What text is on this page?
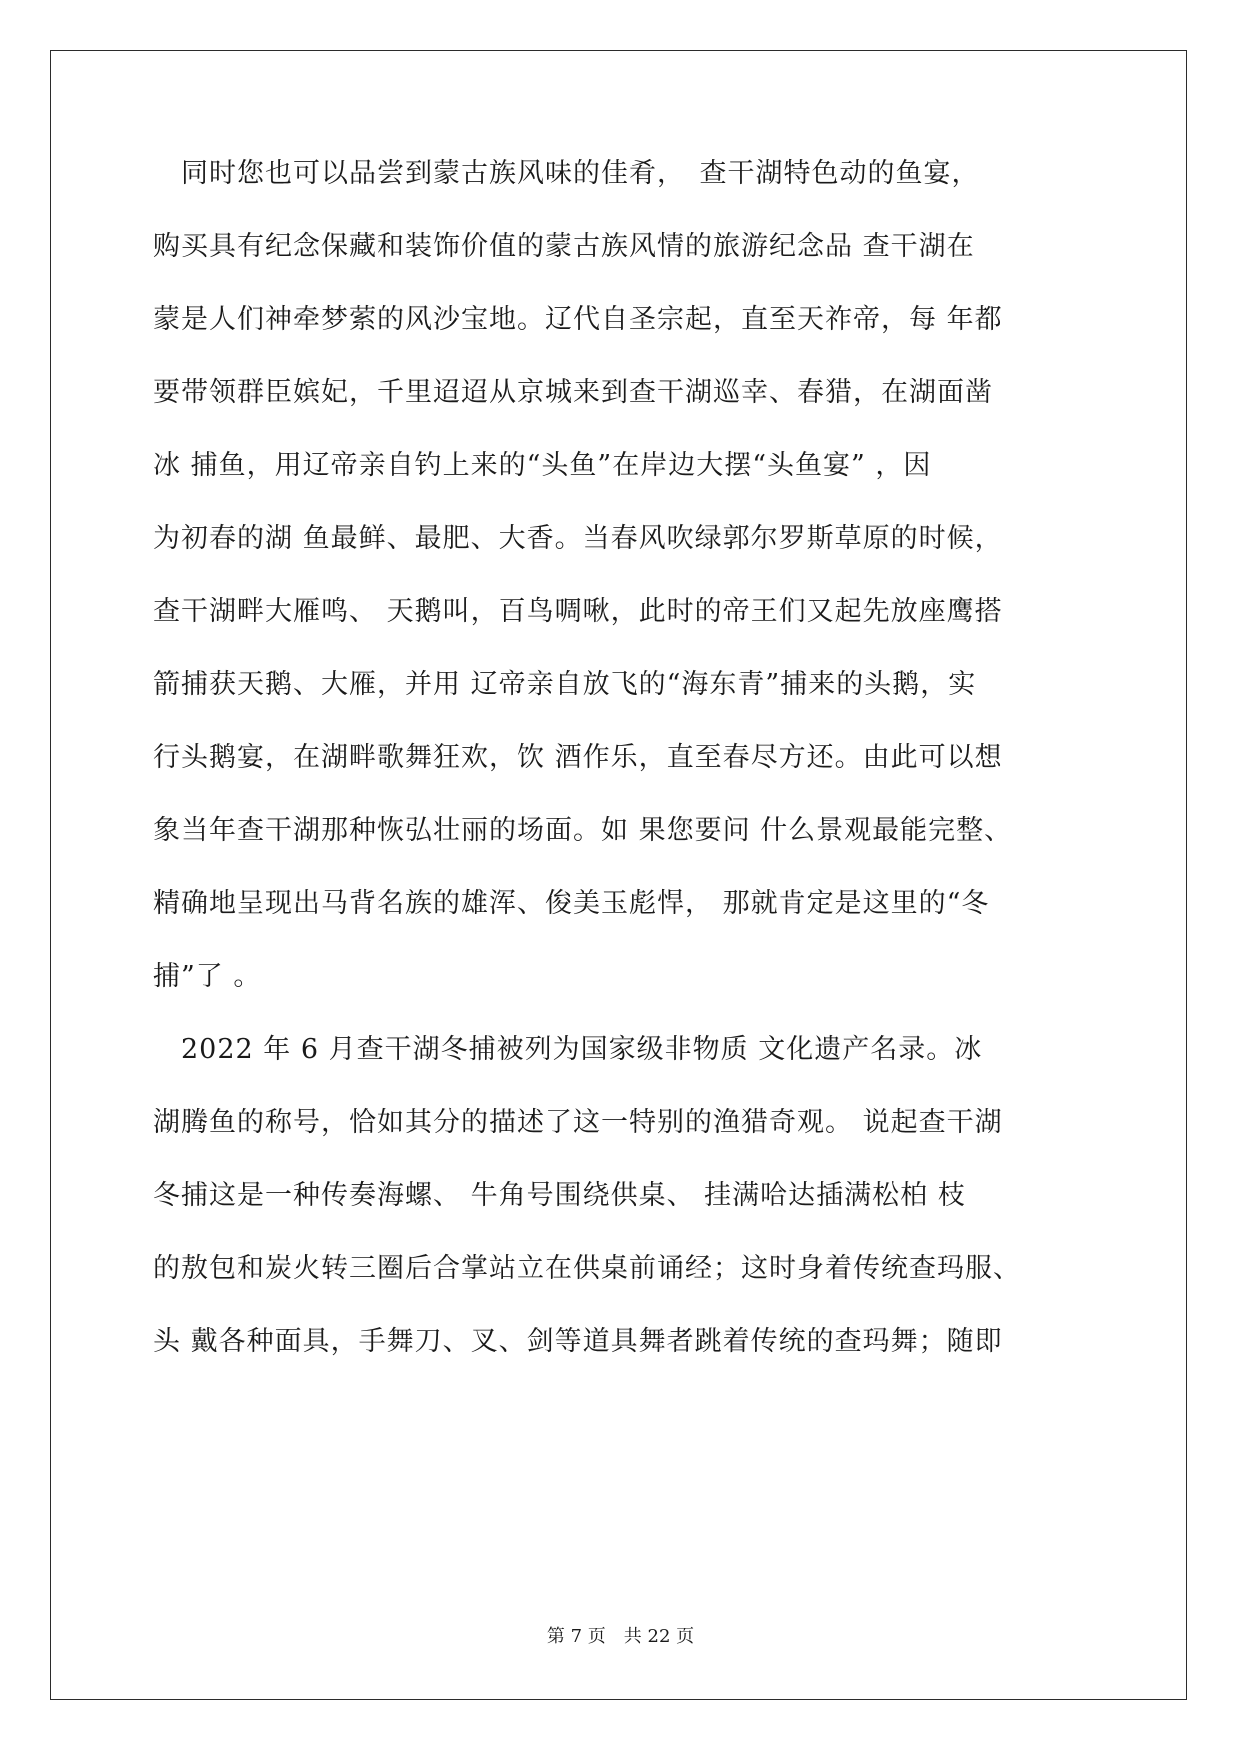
　同时您也可以品尝到蒙古族风味的佳肴，　查干湖特色动的鱼宴，
购买具有纪念保藏和装饰价值的蒙古族风情的旅游纪念品 查干湖在
蒙是人们神牵梦萦的风沙宝地。辽代自圣宗起，直至天祚帝，每 年都
要带领群臣嫔妃，千里迢迢从京城来到查干湖巡幸、春猎，在湖面凿
冰 捕鱼，用辽帝亲自钓上来的“头鱼”在岸边大摆“头鱼宴” ，因
为初春的湖 鱼最鲜、最肥、大香。当春风吹绿郭尔罗斯草原的时候，
查干湖畔大雁鸣、 天鹅叫，百鸟啁啾，此时的帝王们又起先放座鹰搭
箭捕获天鹅、大雁，并用 辽帝亲自放飞的“海东青”捕来的头鹅，实
行头鹅宴，在湖畔歌舞狂欢，饮 酒作乐，直至春尽方还。由此可以想
象当年查干湖那种恢弘壮丽的场面。如 果您要问 什么景观最能完整、
精确地呈现出马背名族的雄浑、俊美玉彪悍， 那就肯定是这里的“冬
捕”了 。
　2022 年 6 月查干湖冬捕被列为国家级非物质 文化遗产名录。冰
湖腾鱼的称号，恰如其分的描述了这一特别的渔猎奇观。 说起查干湖
冬捕这是一种传奏海螺、 牛角号围绕供桌、 挂满哈达插满松柏 枝
的敖包和炭火转三圈后合掌站立在供桌前诵经；这时身着传统查玛服、
头 戴各种面具，手舞刀、叉、剑等道具舞者跳着传统的查玛舞；随即
第 7 页　共 22 页
